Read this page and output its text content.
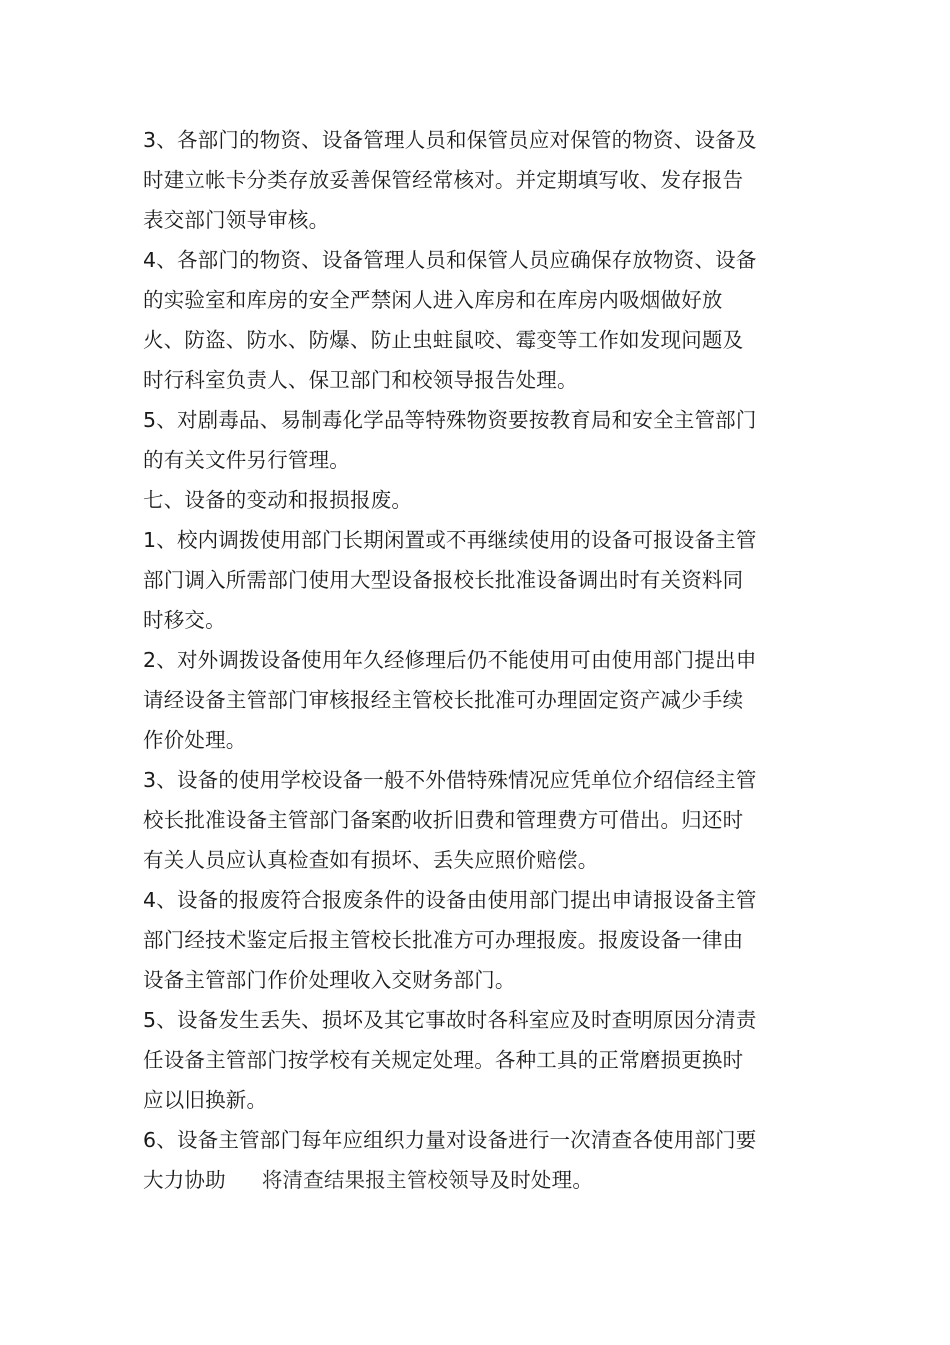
3、各部门的物资、设备管理人员和保管员应对保管的物资、设备及
时建立帐卡分类存放妥善保管经常核对。并定期填写收、发存报告
表交部门领导审核。
4、各部门的物资、设备管理人员和保管人员应确保存放物资、设备
的实验室和库房的安全严禁闲人进入库房和在库房内吸烟做好放
火、防盗、防水、防爆、防止虫蛀鼠咬、霉变等工作如发现问题及
时行科室负责人、保卫部门和校领导报告处理。
5、对剧毒品、易制毒化学品等特殊物资要按教育局和安全主管部门
的有关文件另行管理。
七、设备的变动和报损报废。
1、校内调拨使用部门长期闲置或不再继续使用的设备可报设备主管
部门调入所需部门使用大型设备报校长批准设备调出时有关资料同
时移交。
2、对外调拨设备使用年久经修理后仍不能使用可由使用部门提出申
请经设备主管部门审核报经主管校长批准可办理固定资产减少手续
作价处理。
3、设备的使用学校设备一般不外借特殊情况应凭单位介绍信经主管
校长批准设备主管部门备案酌收折旧费和管理费方可借出。归还时
有关人员应认真检查如有损坏、丢失应照价赔偿。
4、设备的报废符合报废条件的设备由使用部门提出申请报设备主管
部门经技术鉴定后报主管校长批准方可办理报废。报废设备一律由
设备主管部门作价处理收入交财务部门。
5、设备发生丢失、损坏及其它事故时各科室应及时查明原因分清责
任设备主管部门按学校有关规定处理。各种工具的正常磨损更换时
应以旧换新。
6、设备主管部门每年应组织力量对设备进行一次清查各使用部门要
大力协助 将清查结果报主管校领导及时处理。
